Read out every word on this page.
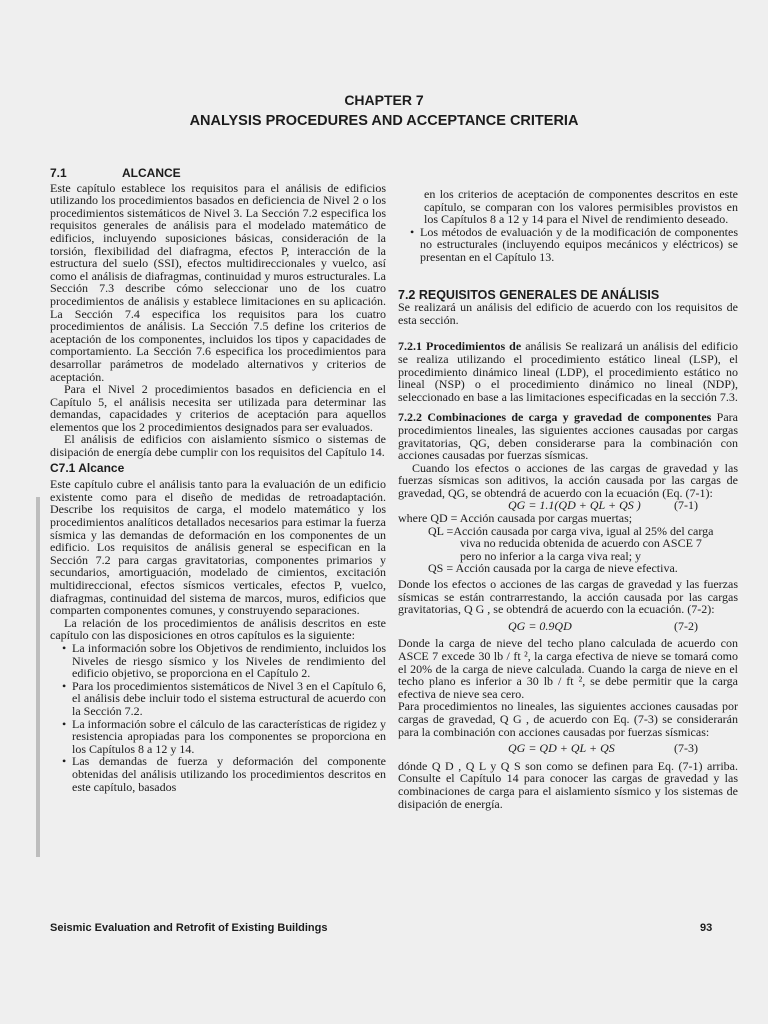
CHAPTER 7
ANALYSIS PROCEDURES AND ACCEPTANCE CRITERIA
7.1	ALCANCE

Este capítulo establece los requisitos para el análisis de edificios utilizando los procedimientos basados en deficiencia de Nivel 2 o los procedimientos sistemáticos de Nivel 3. La Sección 7.2 especifica los requisitos generales de análisis para el modelado matemático de edificios, incluyendo suposiciones básicas, consideración de la torsión, flexibilidad del diafragma, efectos P, interacción de la estructura del suelo (SSI), efectos multidireccionales y vuelco, así como el análisis de diafragmas, continuidad y muros estructurales. La Sección 7.3 describe cómo seleccionar uno de los cuatro procedimientos de análisis y establece limitaciones en su aplicación. La Sección 7.4 especifica los requisitos para los cuatro procedimientos de análisis. La Sección 7.5 define los criterios de aceptación de los componentes, incluidos los tipos y capacidades de comportamiento. La Sección 7.6 especifica los procedimientos para desarrollar parámetros de modelado alternativos y criterios de aceptación.

Para el Nivel 2 procedimientos basados en deficiencia en el Capítulo 5, el análisis necesita ser utilizada para determinar las demandas, capacidades y criterios de aceptación para aquellos elementos que los 2 procedimientos designados para ser evaluados.

El análisis de edificios con aislamiento sísmico o sistemas de disipación de energía debe cumplir con los requisitos del Capítulo 14.

C7.1 Alcance

Este capítulo cubre el análisis tanto para la evaluación de un edificio existente como para el diseño de medidas de retroadaptación. Describe los requisitos de carga, el modelo matemático y los procedimientos analíticos detallados necesarios para estimar la fuerza sísmica y las demandas de deformación en los componentes de un edificio. Los requisitos de análisis general se especifican en la Sección 7.2 para cargas gravitatorias, componentes primarios y secundarios, amortiguación, modelado de cimientos, excitación multidireccional, efectos sísmicos verticales, efectos P, vuelco, diafragmas, continuidad del sistema de marcos, muros, edificios que comparten componentes comunes, y construyendo separaciones.

La relación de los procedimientos de análisis descritos en este capítulo con las disposiciones en otros capítulos es la siguiente:

• La información sobre los Objetivos de rendimiento, incluidos los Niveles de riesgo sísmico y los Niveles de rendimiento del edificio objetivo, se proporciona en el Capítulo 2.
• Para los procedimientos sistemáticos de Nivel 3 en el Capítulo 6, el análisis debe incluir todo el sistema estructural de acuerdo con la Sección 7.2.
• La información sobre el cálculo de las características de rigidez y resistencia apropiadas para los componentes se proporciona en los Capítulos 8 a 12 y 14.
• Las demandas de fuerza y deformación del componente obtenidas del análisis utilizando los procedimientos descritos en este capítulo, basados

en los criterios de aceptación de componentes descritos en este capítulo, se comparan con los valores permisibles provistos en los Capítulos 8 a 12 y 14 para el Nivel de rendimiento deseado.

• Los métodos de evaluación y de la modificación de componentes no estructurales (incluyendo equipos mecánicos y eléctricos) se presentan en el Capítulo 13.
7.2 REQUISITOS GENERALES DE ANÁLISIS

Se realizará un análisis del edificio de acuerdo con los requisitos de esta sección.

7.2.1 Procedimientos de análisis Se realizará un análisis del edificio se realiza utilizando el procedimiento estático lineal (LSP), el procedimiento dinámico lineal (LDP), el procedimiento estático no lineal (NSP) o el procedimiento dinámico no lineal (NDP), seleccionado en base a las limitaciones especificadas en la sección 7.3.

7.2.2 Combinaciones de carga y gravedad de componentes Para procedimientos lineales, las siguientes acciones causadas por cargas gravitatorias, QG, deben considerarse para la combinación con acciones causadas por fuerzas sísmicas.

Cuando los efectos o acciones de las cargas de gravedad y las fuerzas sísmicas son aditivos, la acción causada por las cargas de gravedad, QG, se obtendrá de acuerdo con la ecuación (Eq. (7-1):

QG = 1.1(QD + QL + QS )	(7-1)

where QD = Acción causada por cargas muertas;

QL =Acción causada por carga viva, igual al 25% del carga

viva no reducida obtenida de acuerdo con ASCE 7

pero no inferior a la carga viva real; y

QS = Acción causada por la carga de nieve efectiva.

Donde los efectos o acciones de las cargas de gravedad y las fuerzas sísmicas se están contrarrestando, la acción causada por las cargas gravitatorias, Q G , se obtendrá de acuerdo con la ecuación. (7-2):

QG = 0.9QD	(7-2)

Donde la carga de nieve del techo plano calculada de acuerdo con ASCE 7 excede 30 lb / ft ², la carga efectiva de nieve se tomará como el 20% de la carga de nieve calculada. Cuando la carga de nieve en el techo plano es inferior a 30 lb / ft ², se debe permitir que la carga efectiva de nieve sea cero.

Para procedimientos no lineales, las siguientes acciones causadas por cargas de gravedad, Q G , de acuerdo con Eq. (7-3) se considerarán para la combinación con acciones causadas por fuerzas sísmicas:

QG = QD + QL + QS	(7-3)

dónde Q D , Q L y Q S son como se definen para Eq. (7-1) arriba. Consulte el Capítulo 14 para conocer las cargas de gravedad y las combinaciones de carga para el aislamiento sísmico y los sistemas de disipación de energía.

Seismic Evaluation and Retrofit of Existing Buildings	93
